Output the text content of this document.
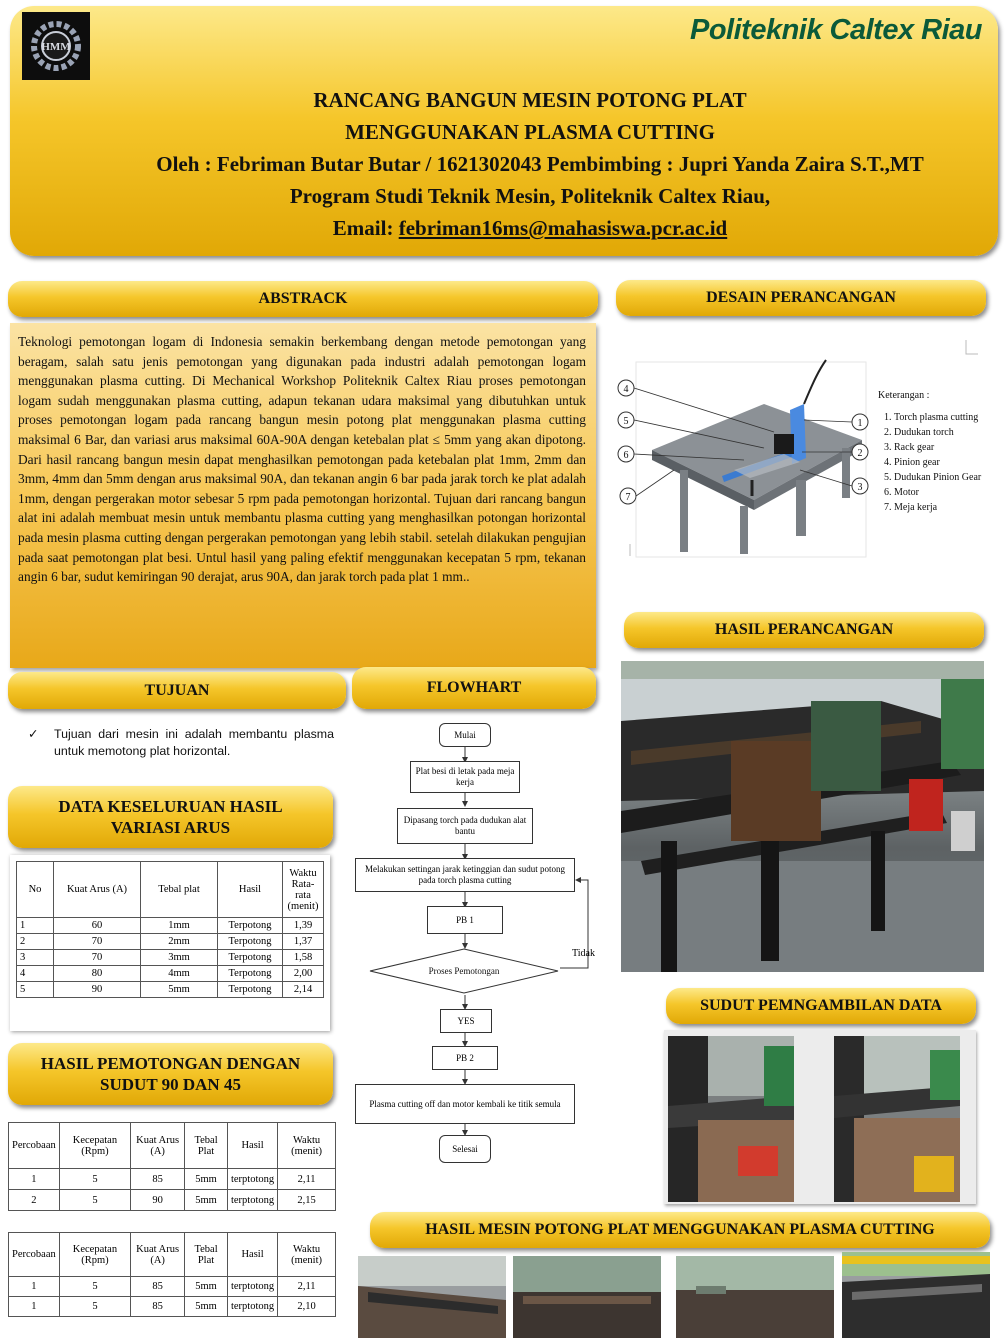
HMM
Politeknik Caltex Riau
RANCANG BANGUN MESIN POTONG PLAT
MENGGUNAKAN PLASMA CUTTING
Oleh : Febriman Butar Butar / 1621302043 Pembimbing : Jupri Yanda Zaira S.T.,MT
Program Studi Teknik Mesin, Politeknik Caltex Riau,
Email: febriman16ms@mahasiswa.pcr.ac.id
ABSTRACK
Teknologi pemotongan logam di Indonesia semakin berkembang dengan metode pemotongan yang beragam, salah satu jenis pemotongan yang digunakan pada industri adalah pemotongan logam menggunakan plasma cutting. Di Mechanical Workshop Politeknik Caltex Riau proses pemotongan logam sudah menggunakan plasma cutting, adapun tekanan udara maksimal yang dibutuhkan untuk proses pemotongan logam pada rancang bangun mesin potong plat menggunakan plasma cutting maksimal 6 Bar, dan variasi arus maksimal 60A-90A dengan ketebalan plat ≤ 5mm yang akan dipotong. Dari hasil rancang bangun mesin dapat menghasilkan pemotongan pada ketebalan plat 1mm, 2mm dan 3mm, 4mm dan 5mm dengan arus maksimal 90A, dan tekanan angin 6 bar pada jarak torch ke plat adalah 1mm, dengan pergerakan motor sebesar 5 rpm pada pemotongan horizontal. Tujuan dari rancang bangun alat ini adalah membuat mesin untuk membantu plasma cutting yang menghasilkan potongan horizontal pada mesin plasma cutting dengan pergerakan pemotongan yang lebih stabil. setelah dilakukan pengujian pada saat pemotongan plat besi. Untul hasil yang paling efektif menggunakan kecepatan 5 rpm, tekanan angin 6 bar, sudut kemiringan 90 derajat, arus 90A, dan jarak torch pada plat 1 mm..
DESAIN PERANCANGAN
4
5
6
7
1
2
3
Keterangan :
1. Torch plasma cutting
2. Dudukan torch
3. Rack gear
4. Pinion gear
5. Dudukan Pinion Gear
6. Motor
7. Meja kerja
HASIL PERANCANGAN
TUJUAN
✓ Tujuan dari mesin ini adalah membantu plasma untuk memotong plat horizontal.
FLOWHART
Mulai
Plat besi di letak pada meja kerja
Dipasang torch pada dudukan alat bantu
Melakukan settingan jarak ketinggian dan sudut potong pada torch plasma cutting
PB 1
Proses Pemotongan
Tidak
YES
PB 2
Plasma cutting off dan motor kembali ke titik semula
Selesai
DATA KESELURUAN HASIL VARIASI ARUS
No	Kuat Arus (A)	Tebal plat	Hasil	Waktu Rata-rata (menit)
1	60	1mm	Terpotong	1,39
2	70	2mm	Terpotong	1,37
3	70	3mm	Terpotong	1,58
4	80	4mm	Terpotong	2,00
5	90	5mm	Terpotong	2,14
HASIL PEMOTONGAN DENGAN SUDUT 90 DAN 45
Percobaan	Kecepatan (Rpm)	Kuat Arus (A)	Tebal Plat	Hasil	Waktu (menit)
1	5	85	5mm	terptotong	2,11
2	5	90	5mm	terptotong	2,15
Percobaan	Kecepatan (Rpm)	Kuat Arus (A)	Tebal Plat	Hasil	Waktu (menit)
1	5	85	5mm	terptotong	2,11
1	5	85	5mm	terptotong	2,10
SUDUT PEMNGAMBILAN DATA
HASIL MESIN POTONG PLAT MENGGUNAKAN PLASMA CUTTING
